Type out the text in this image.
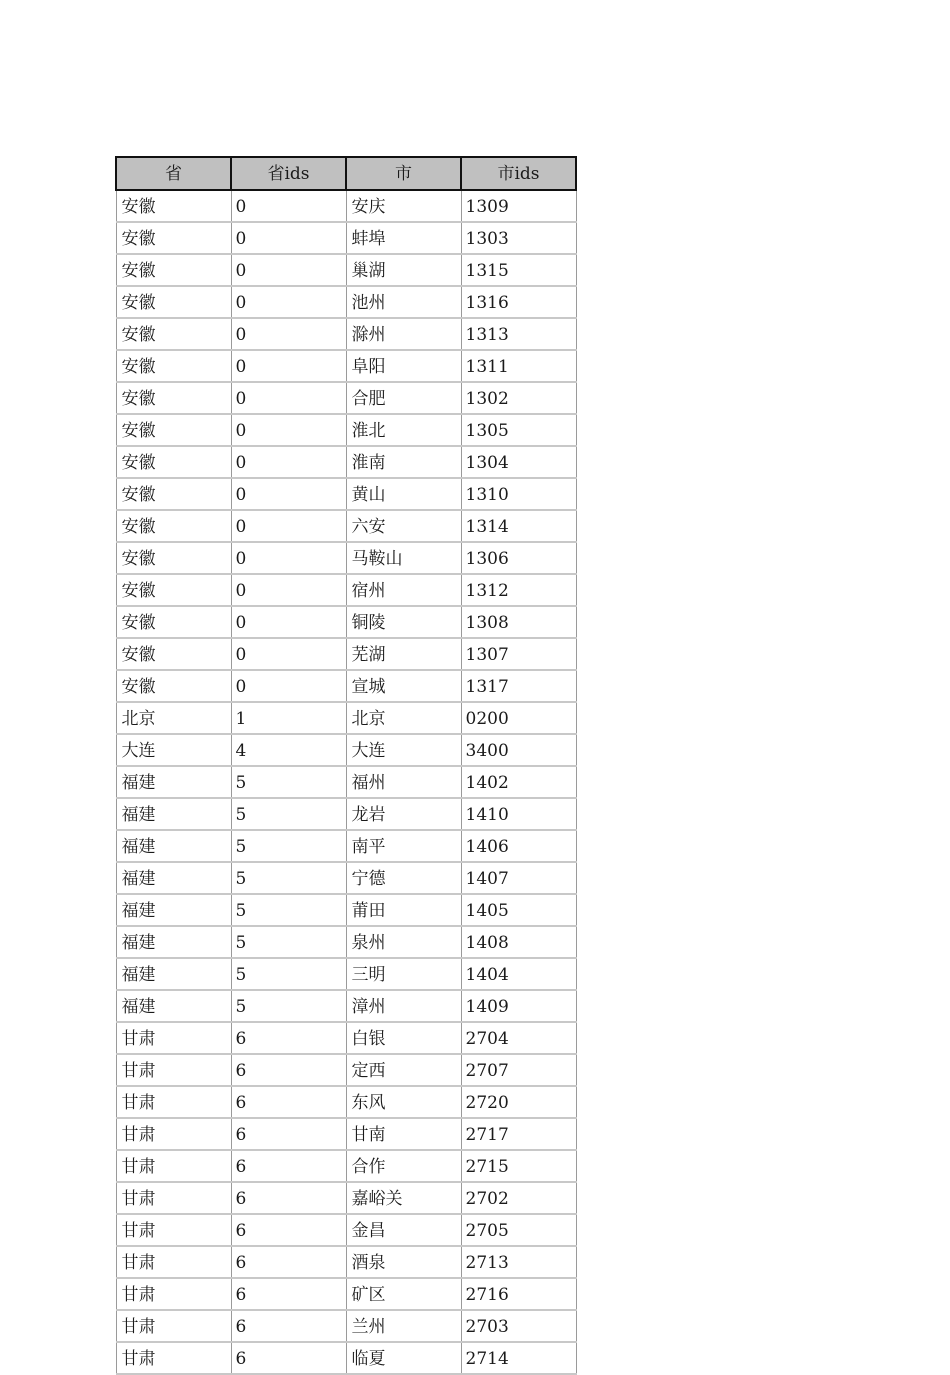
省	省ids	市	市ids
安徽	0	安庆	1309
安徽	0	蚌埠	1303
安徽	0	巢湖	1315
安徽	0	池州	1316
安徽	0	滁州	1313
安徽	0	阜阳	1311
安徽	0	合肥	1302
安徽	0	淮北	1305
安徽	0	淮南	1304
安徽	0	黄山	1310
安徽	0	六安	1314
安徽	0	马鞍山	1306
安徽	0	宿州	1312
安徽	0	铜陵	1308
安徽	0	芜湖	1307
安徽	0	宣城	1317
北京	1	北京	0200
大连	4	大连	3400
福建	5	福州	1402
福建	5	龙岩	1410
福建	5	南平	1406
福建	5	宁德	1407
福建	5	莆田	1405
福建	5	泉州	1408
福建	5	三明	1404
福建	5	漳州	1409
甘肃	6	白银	2704
甘肃	6	定西	2707
甘肃	6	东风	2720
甘肃	6	甘南	2717
甘肃	6	合作	2715
甘肃	6	嘉峪关	2702
甘肃	6	金昌	2705
甘肃	6	酒泉	2713
甘肃	6	矿区	2716
甘肃	6	兰州	2703
甘肃	6	临夏	2714
